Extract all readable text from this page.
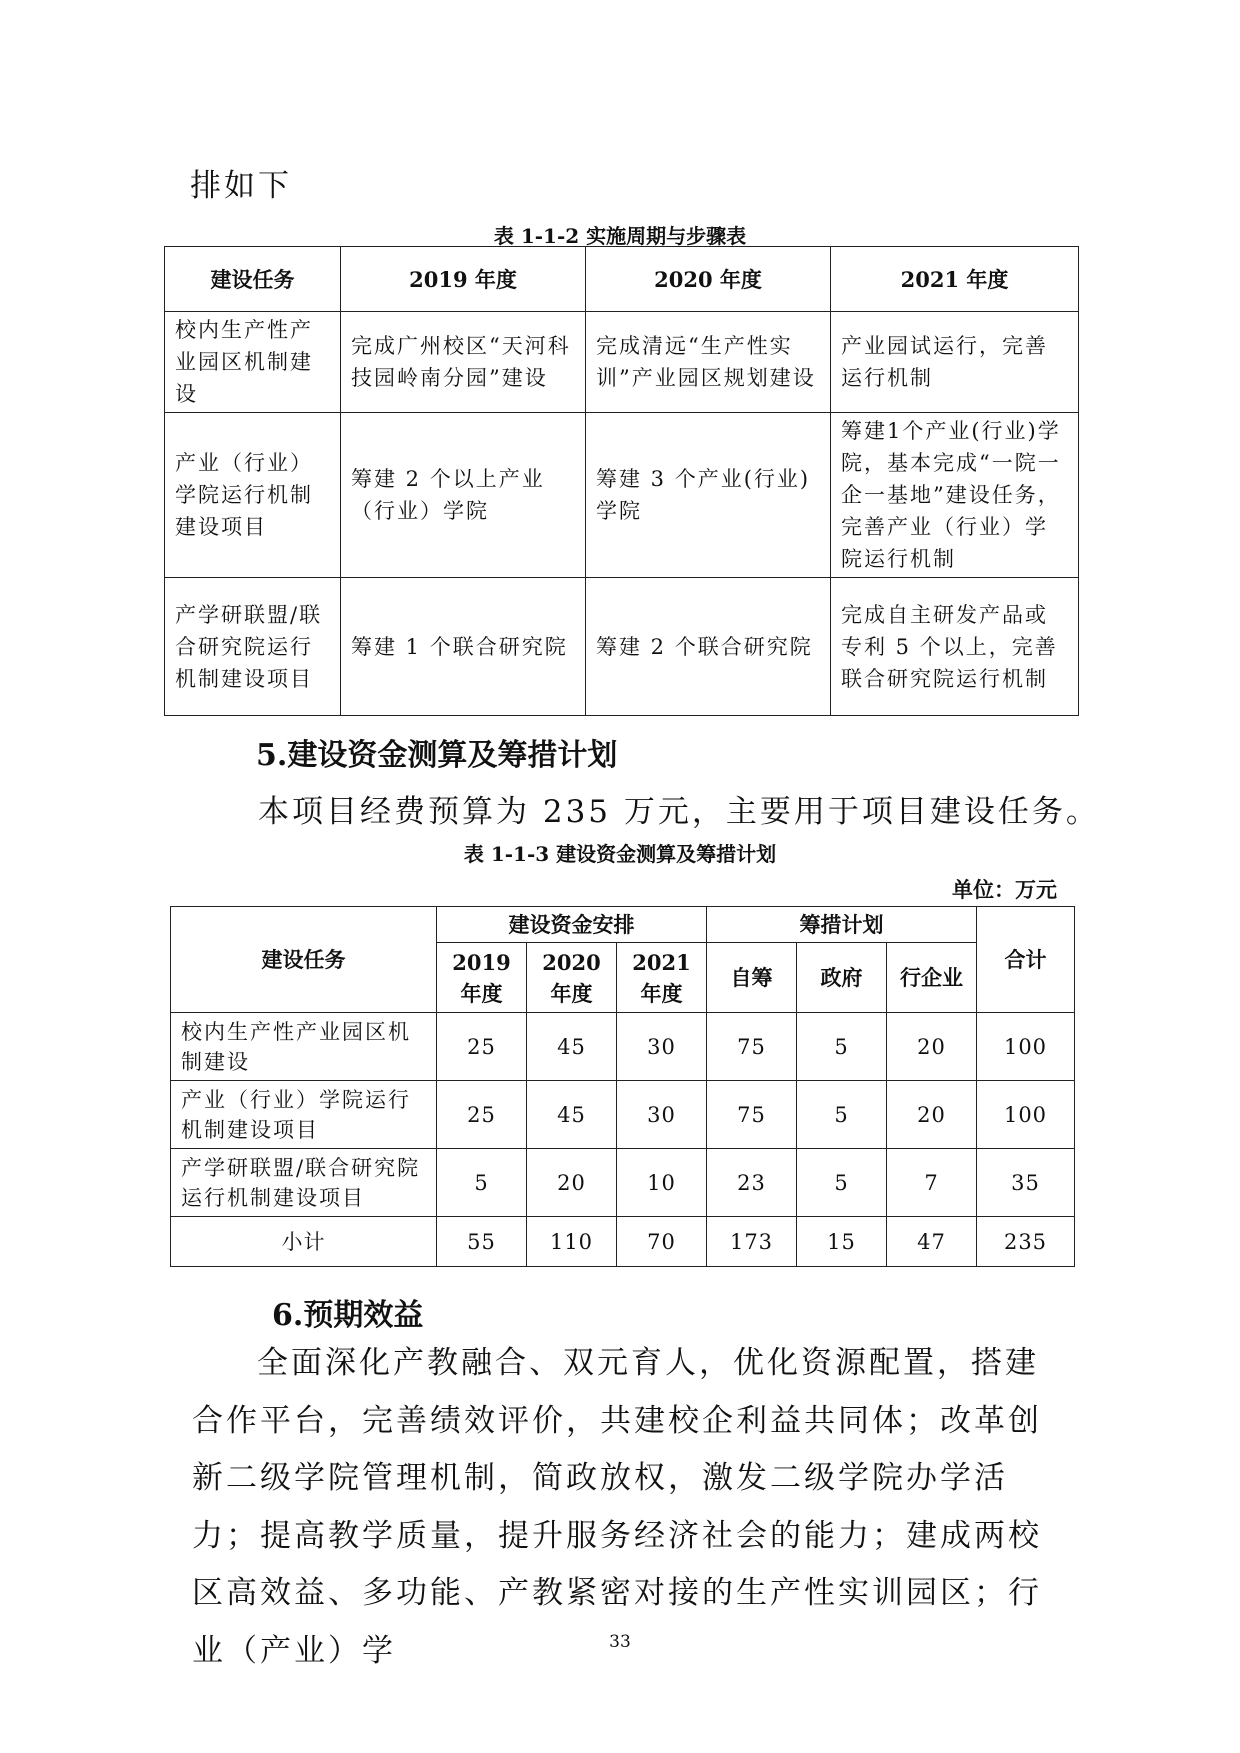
排如下
表 1-1-2 实施周期与步骤表
建设任务	2019 年度	2020 年度	2021 年度
校内生产性产业园区机制建设	完成广州校区“天河科技园岭南分园”建设	完成清远“生产性实训”产业园区规划建设	产业园试运行，完善运行机制
产业（行业）学院运行机制建设项目	筹建 2 个以上产业（行业）学院	筹建 3 个产业(行业)学院	筹建1个产业(行业)学院，基本完成“一院一企一基地”建设任务，完善产业（行业）学院运行机制
产学研联盟/联合研究院运行机制建设项目	筹建 1 个联合研究院	筹建 2 个联合研究院	完成自主研发产品或专利 5 个以上，完善联合研究院运行机制
5.建设资金测算及筹措计划
本项目经费预算为 235 万元，主要用于项目建设任务。
表 1-1-3 建设资金测算及筹措计划
单位：万元
建设任务	建设资金安排			筹措计划			合计
	2019 年度	2020 年度	2021 年度	自筹	政府	行企业	
校内生产性产业园区机制建设	25	45	30	75	5	20	100
产业（行业）学院运行机制建设项目	25	45	30	75	5	20	100
产学研联盟/联合研究院运行机制建设项目	5	20	10	23	5	7	35
小计	55	110	70	173	15	47	235
6.预期效益
全面深化产教融合、双元育人，优化资源配置，搭建合作平台，完善绩效评价，共建校企利益共同体；改革创新二级学院管理机制，简政放权，激发二级学院办学活力；提高教学质量，提升服务经济社会的能力；建成两校区高效益、多功能、产教紧密对接的生产性实训园区；行业（产业）学	33
